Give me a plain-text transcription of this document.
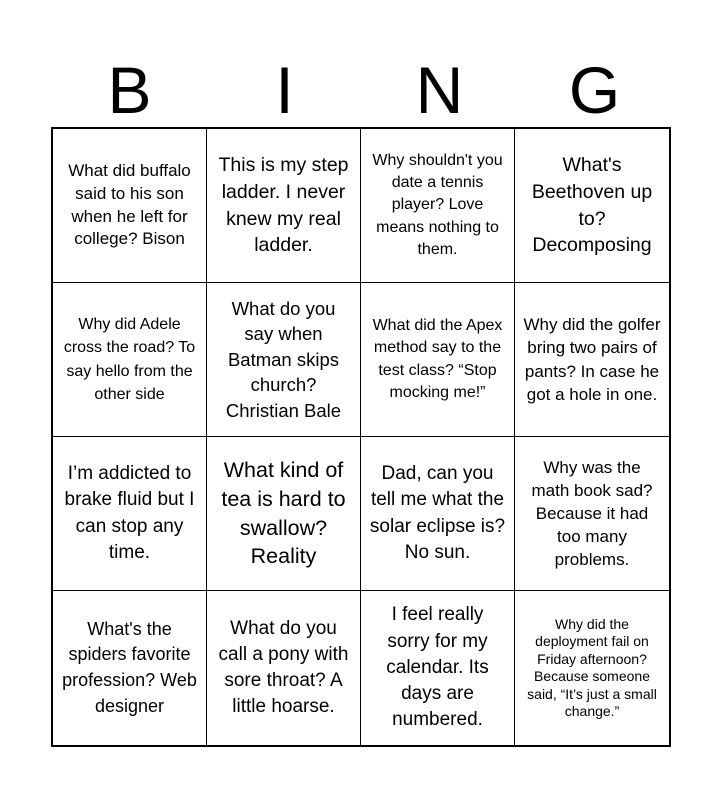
B	I	N	G
What did buffalo said to his son when he left for college? Bison
This is my step ladder. I never knew my real ladder.
Why shouldn't you date a tennis player? Love means nothing to them.
What's Beethoven up to? Decomposing
Why did Adele cross the road? To say hello from the other side
What do you say when Batman skips church? Christian Bale
What did the Apex method say to the test class? “Stop mocking me!”
Why did the golfer bring two pairs of pants? In case he got a hole in one.
I’m addicted to brake fluid but I can stop any time.
What kind of tea is hard to swallow? Reality
Dad, can you tell me what the solar eclipse is? No sun.
Why was the math book sad? Because it had too many problems.
What's the spiders favorite profession? Web designer
What do you call a pony with sore throat? A little hoarse.
I feel really sorry for my calendar. Its days are numbered.
Why did the deployment fail on Friday afternoon? Because someone said, “It’s just a small change.”
